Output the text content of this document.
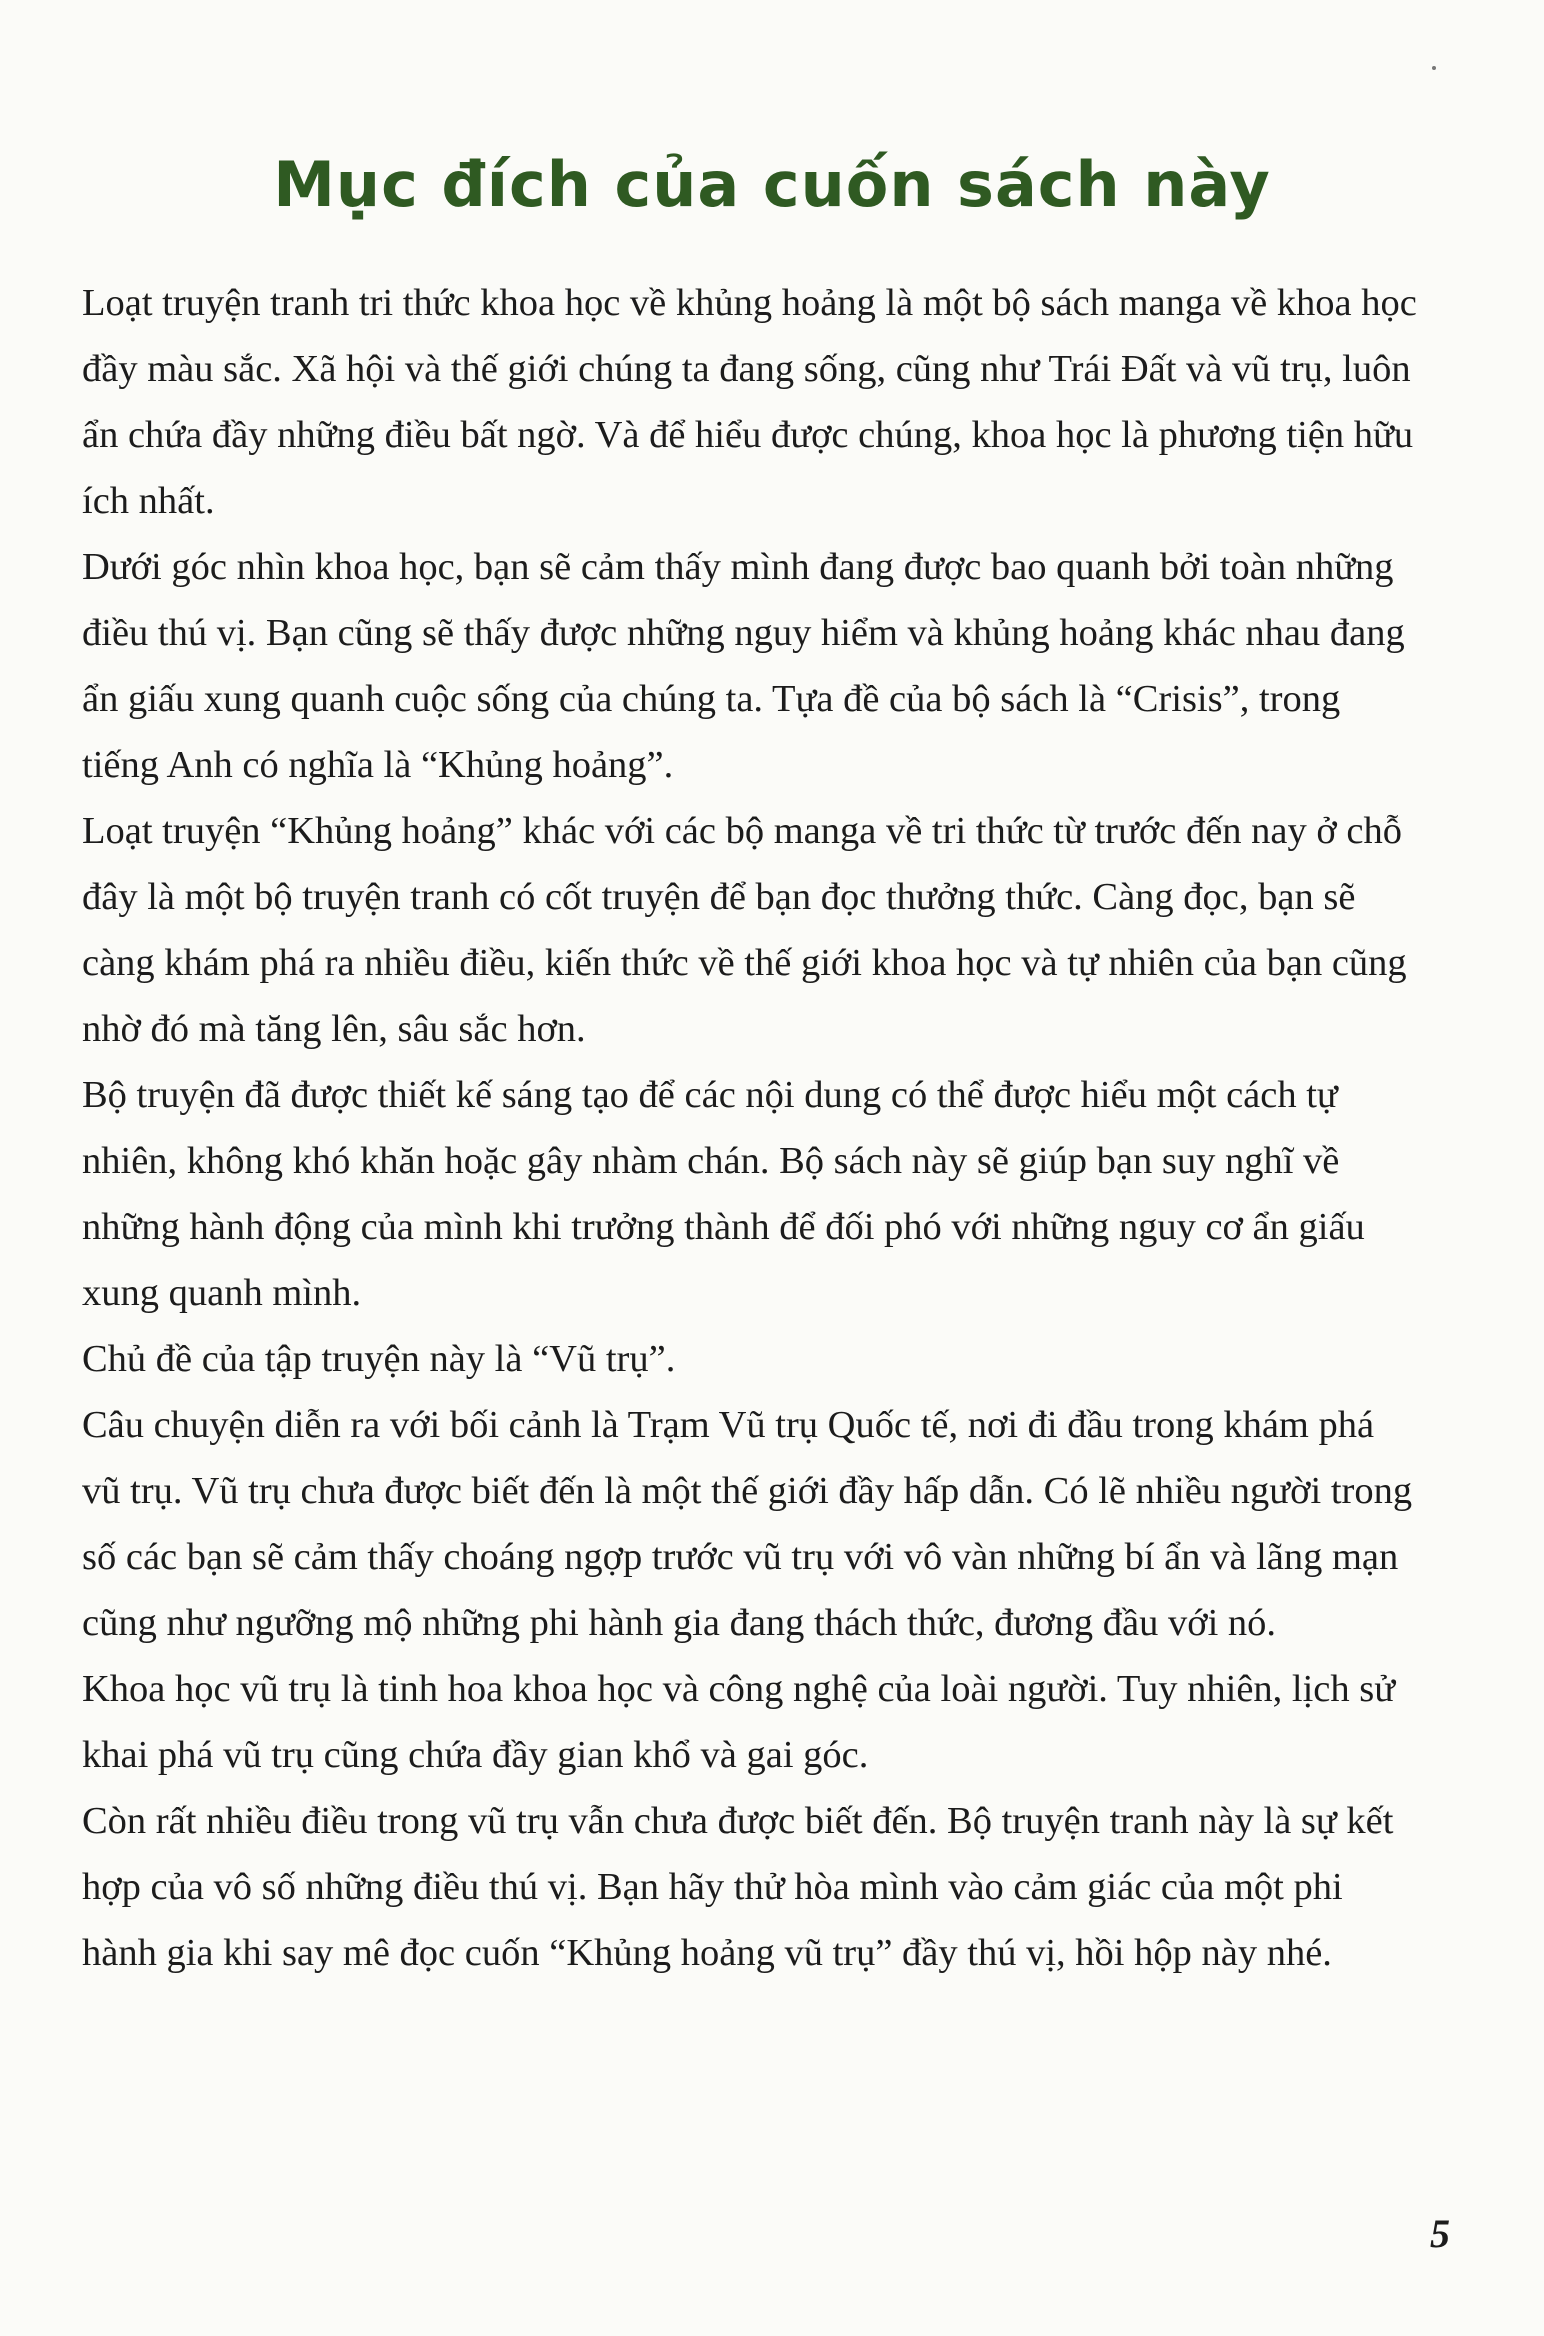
Mục đích của cuốn sách này

Loạt truyện tranh tri thức khoa học về khủng hoảng là một bộ sách manga về khoa học đầy màu sắc. Xã hội và thế giới chúng ta đang sống, cũng như Trái Đất và vũ trụ, luôn ẩn chứa đầy những điều bất ngờ. Và để hiểu được chúng, khoa học là phương tiện hữu ích nhất.

Dưới góc nhìn khoa học, bạn sẽ cảm thấy mình đang được bao quanh bởi toàn những điều thú vị. Bạn cũng sẽ thấy được những nguy hiểm và khủng hoảng khác nhau đang ẩn giấu xung quanh cuộc sống của chúng ta. Tựa đề của bộ sách là “Crisis”, trong tiếng Anh có nghĩa là “Khủng hoảng”.

Loạt truyện “Khủng hoảng” khác với các bộ manga về tri thức từ trước đến nay ở chỗ đây là một bộ truyện tranh có cốt truyện để bạn đọc thưởng thức. Càng đọc, bạn sẽ càng khám phá ra nhiều điều, kiến thức về thế giới khoa học và tự nhiên của bạn cũng nhờ đó mà tăng lên, sâu sắc hơn.

Bộ truyện đã được thiết kế sáng tạo để các nội dung có thể được hiểu một cách tự nhiên, không khó khăn hoặc gây nhàm chán. Bộ sách này sẽ giúp bạn suy nghĩ về những hành động của mình khi trưởng thành để đối phó với những nguy cơ ẩn giấu xung quanh mình.

Chủ đề của tập truyện này là “Vũ trụ”.

Câu chuyện diễn ra với bối cảnh là Trạm Vũ trụ Quốc tế, nơi đi đầu trong khám phá vũ trụ. Vũ trụ chưa được biết đến là một thế giới đầy hấp dẫn. Có lẽ nhiều người trong số các bạn sẽ cảm thấy choáng ngợp trước vũ trụ với vô vàn những bí ẩn và lãng mạn cũng như ngưỡng mộ những phi hành gia đang thách thức, đương đầu với nó.

Khoa học vũ trụ là tinh hoa khoa học và công nghệ của loài người. Tuy nhiên, lịch sử khai phá vũ trụ cũng chứa đầy gian khổ và gai góc.

Còn rất nhiều điều trong vũ trụ vẫn chưa được biết đến. Bộ truyện tranh này là sự kết hợp của vô số những điều thú vị. Bạn hãy thử hòa mình vào cảm giác của một phi hành gia khi say mê đọc cuốn “Khủng hoảng vũ trụ” đầy thú vị, hồi hộp này nhé.

5
